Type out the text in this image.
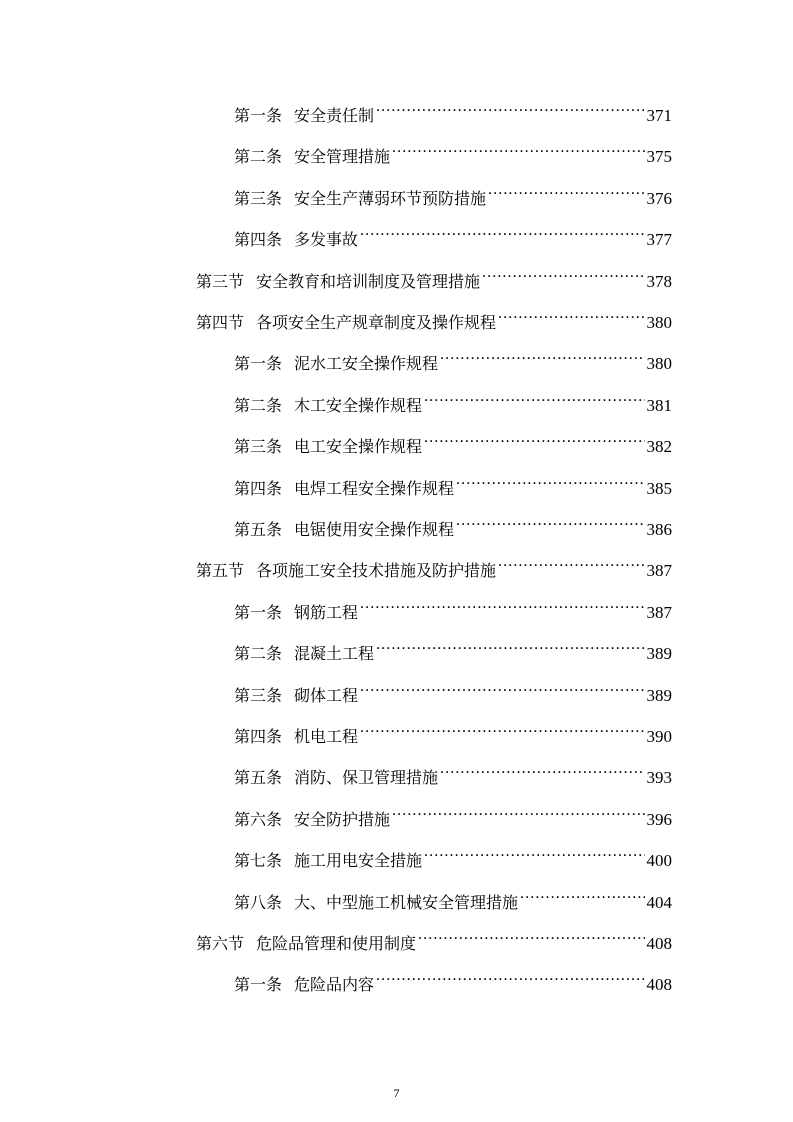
第一条 安全责任制 .....	371
第二条 安全管理措施 .....	375
第三条 安全生产薄弱环节预防措施 .....	376
第四条 多发事故 .....	377
第三节 安全教育和培训制度及管理措施 .....	378
第四节 各项安全生产规章制度及操作规程 .....	380
第一条 泥水工安全操作规程 .....	380
第二条 木工安全操作规程 .....	381
第三条 电工安全操作规程 .....	382
第四条 电焊工程安全操作规程 .....	385
第五条 电锯使用安全操作规程 .....	386
第五节 各项施工安全技术措施及防护措施 .....	387
第一条 钢筋工程 .....	387
第二条 混凝土工程 .....	389
第三条 砌体工程 .....	389
第四条 机电工程 .....	390
第五条 消防、保卫管理措施 .....	393
第六条 安全防护措施 .....	396
第七条 施工用电安全措施 .....	400
第八条 大、中型施工机械安全管理措施 .....	404
第六节 危险品管理和使用制度 .....	408
第一条 危险品内容 .....	408
7
